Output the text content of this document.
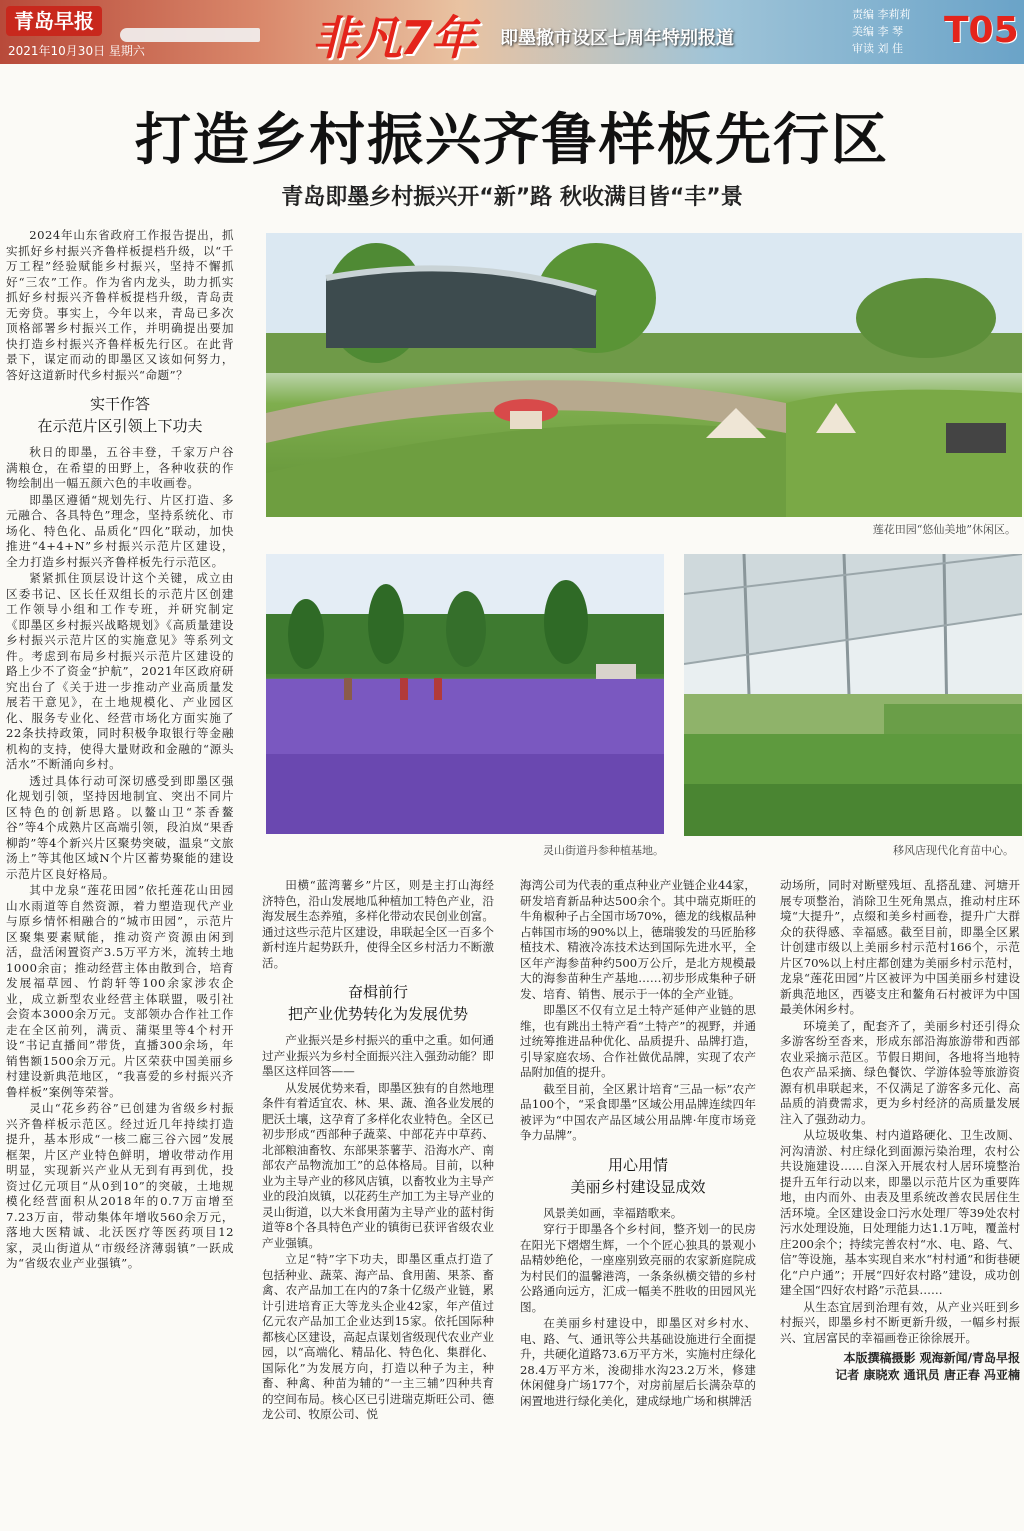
青岛早报
2021年10月30日 星期六	非凡7年 即墨撤市设区七周年特别报道
责编 李莉莉
美编 李 琴
审读 刘 佳 T05
打造乡村振兴齐鲁样板先行区
青岛即墨乡村振兴开“新”路 秋收满目皆“丰”景

2024年山东省政府工作报告提出，抓实抓好乡村振兴齐鲁样板提档升级，以“千万工程”经验赋能乡村振兴，坚持不懈抓好“三农”工作。作为省内龙头，助力抓实抓好乡村振兴齐鲁样板提档升级，青岛责无旁贷。事实上，今年以来，青岛已多次顶格部署乡村振兴工作，并明确提出要加快打造乡村振兴齐鲁样板先行区。在此背景下，谋定而动的即墨区又该如何努力，答好这道新时代乡村振兴“命题”？

实干作答
在示范片区引领上下功夫

秋日的即墨，五谷丰登，千家万户谷满粮仓，在希望的田野上，各种收获的作物绘制出一幅五颜六色的丰收画卷。

即墨区遵循“规划先行、片区打造、多元融合、各具特色”理念，坚持系统化、市场化、特色化、品质化“四化”联动，加快推进“4+4+N”乡村振兴示范片区建设，全力打造乡村振兴齐鲁样板先行示范区。

紧紧抓住顶层设计这个关键，成立由区委书记、区长任双组长的示范片区创建工作领导小组和工作专班，并研究制定《即墨区乡村振兴战略规划》《高质量建设乡村振兴示范片区的实施意见》等系列文件。考虑到布局乡村振兴示范片区建设的路上少不了资金“护航”，2021年区政府研究出台了《关于进一步推动产业高质量发展若干意见》，在土地规模化、产业园区化、服务专业化、经营市场化方面实施了22条扶持政策，同时积极争取银行等金融机构的支持，使得大量财政和金融的“源头活水”不断涌向乡村。

透过具体行动可深切感受到即墨区强化规划引领，坚持因地制宜、突出不同片区特色的创新思路。以鳌山卫“茶香鳌谷”等4个成熟片区高端引领，段泊岚“果香柳韵”等4个新兴片区聚势突破，温泉“文旅汤上”等其他区域N个片区蓄势聚能的建设示范片区良好格局。

其中龙泉“莲花田园”依托莲花山田园山水雨道等自然资源，着力塑造现代产业与原乡情怀相融合的“城市田园”，示范片区聚集要素赋能，推动资产资源由闲到活，盘活闲置资产3.5万平方米，流转土地1000余亩；推动经营主体由散到合，培育发展福草园、竹韵轩等100余家涉农企业，成立新型农业经营主体联盟，吸引社会资本3000余万元。支部领办合作社工作走在全区前列，满贡、蒲渠里等4个村开设“书记直播间”带货，直播300余场，年销售额1500余万元。片区荣获中国美丽乡村建设新典范地区，“我喜爱的乡村振兴齐鲁样板”案例等荣誉。

灵山“花乡药谷”已创建为省级乡村振兴齐鲁样板示范区。经过近几年持续打造提升，基本形成“一核二廊三谷六园”发展框架，片区产业特色鲜明，增收带动作用明显，实现新兴产业从无到有再到优，投资过亿元项目“从0到10”的突破，土地规模化经营面积从2018年的0.7万亩增至7.23万亩，带动集体年增收560余万元，落地大医精诚、北沃医疗等医药项目12家，灵山街道从“市级经济薄弱镇”一跃成为“省级农业产业强镇”。

莲花田园“悠仙美地”休闲区。
灵山街道丹参种植基地。	移风店现代化育苗中心。

田横“蓝湾薯乡”片区，则是主打山海经济特色，沿山发展地瓜种植加工特色产业，沿海发展生态养殖，多样化带动农民创业创富。通过这些示范片区建设，串联起全区一百多个新村连片起势跃升，使得全区乡村活力不断激活。

奋楫前行
把产业优势转化为发展优势

产业振兴是乡村振兴的重中之重。如何通过产业振兴为乡村全面振兴注入强劲动能？即墨区这样回答——

从发展优势来看，即墨区独有的自然地理条件有着适宜农、林、果、蔬、渔各业发展的肥沃土壤，这孕育了多样化农业特色。全区已初步形成“西部种子蔬菜、中部花卉中草药、北部粮油畜牧、东部果茶薯芋、沿海水产、南部农产品物流加工”的总体格局。目前，以种业为主导产业的移风店镇，以畜牧业为主导产业的段泊岚镇，以花药生产加工为主导产业的灵山街道，以大米食用菌为主导产业的蓝村街道等8个各具特色产业的镇街已获评省级农业产业强镇。

立足“特”字下功夫，即墨区重点打造了包括种业、蔬菜、海产品、食用菌、果茶、畜禽、农产品加工在内的7条十亿级产业链，累计引进培育正大等龙头企业42家，年产值过亿元农产品加工企业达到15家。依托国际种都核心区建设，高起点谋划省级现代农业产业园，以“高端化、精品化、特色化、集群化、国际化”为发展方向，打造以种子为主，种畜、种禽、种苗为辅的“一主三辅”四种共育的空间布局。核心区已引进瑞克斯旺公司、德龙公司、牧原公司、悦

海湾公司为代表的重点种业产业链企业44家，研发培育新品种达500余个。其中瑞克斯旺的牛角椒种子占全国市场70%，德龙的线椒品种占韩国市场的90%以上，德瑞骏发的马匠胎移植技术、精液冷冻技术达到国际先进水平，全区年产海参苗种约500万公斤，是北方规模最大的海参苗种生产基地……初步形成集种子研发、培育、销售、展示于一体的全产业链。

即墨区不仅有立足土特产延伸产业链的思维，也有跳出土特产看“土特产”的视野，并通过统筹推进品种优化、品质提升、品牌打造，引导家庭农场、合作社做优品牌，实现了农产品附加值的提升。

截至目前，全区累计培育“三品一标”农产品100个，“采食即墨”区域公用品牌连续四年被评为“中国农产品区域公用品牌·年度市场竞争力品牌”。

用心用情
美丽乡村建设显成效

风景美如画，幸福踏歌来。

穿行于即墨各个乡村间，整齐划一的民房在阳光下熠熠生辉，一个个匠心独具的景观小品精妙绝伦，一座座别致亮丽的农家新庭院成为村民们的温馨港湾，一条条纵横交错的乡村公路通向远方，汇成一幅美不胜收的田园风光图。

在美丽乡村建设中，即墨区对乡村水、电、路、气、通讯等公共基础设施进行全面提升，共硬化道路73.6万平方米，实施村庄绿化28.4万平方米，浚砌排水沟23.2万米，修建休闲健身广场177个，对房前屋后长满杂草的闲置地进行绿化美化，建成绿地广场和棋牌活

动场所，同时对断壁残垣、乱搭乱建、河塘开展专项整治，消除卫生死角黑点，推动村庄环境“大提升”，点缀和美乡村画卷，提升广大群众的获得感、幸福感。截至目前，即墨全区累计创建市级以上美丽乡村示范村166个，示范片区70%以上村庄都创建为美丽乡村示范村，龙泉“莲花田园”片区被评为中国美丽乡村建设新典范地区，西婆支庄和鳌角石村被评为中国最美休闲乡村。

环境美了，配套齐了，美丽乡村还引得众多游客纷至沓来，形成东部沿海旅游带和西部农业采摘示范区。节假日期间，各地将当地特色农产品采摘、绿色餐饮、学游体验等旅游资源有机串联起来，不仅满足了游客多元化、高品质的消费需求，更为乡村经济的高质量发展注入了强劲动力。

从垃圾收集、村内道路硬化、卫生改厕、河沟清淤、村庄绿化到面源污染治理，农村公共设施建设……自深入开展农村人居环境整治提升五年行动以来，即墨以示范片区为重要阵地，由内而外、由表及里系统改善农民居住生活环境。全区建设金口污水处理厂等39处农村污水处理设施，日处理能力达1.1万吨，覆盖村庄200余个；持续完善农村“水、电、路、气、信”等设施，基本实现自来水“村村通”和街巷硬化“户户通”；开展“四好农村路”建设，成功创建全国“四好农村路”示范县……

从生态宜居到治理有效，从产业兴旺到乡村振兴，即墨乡村不断更新升级，一幅乡村振兴、宜居富民的幸福画卷正徐徐展开。

本版撰稿摄影 观海新闻/青岛早报
记者 康晓欢 通讯员 唐正春 冯亚楠
